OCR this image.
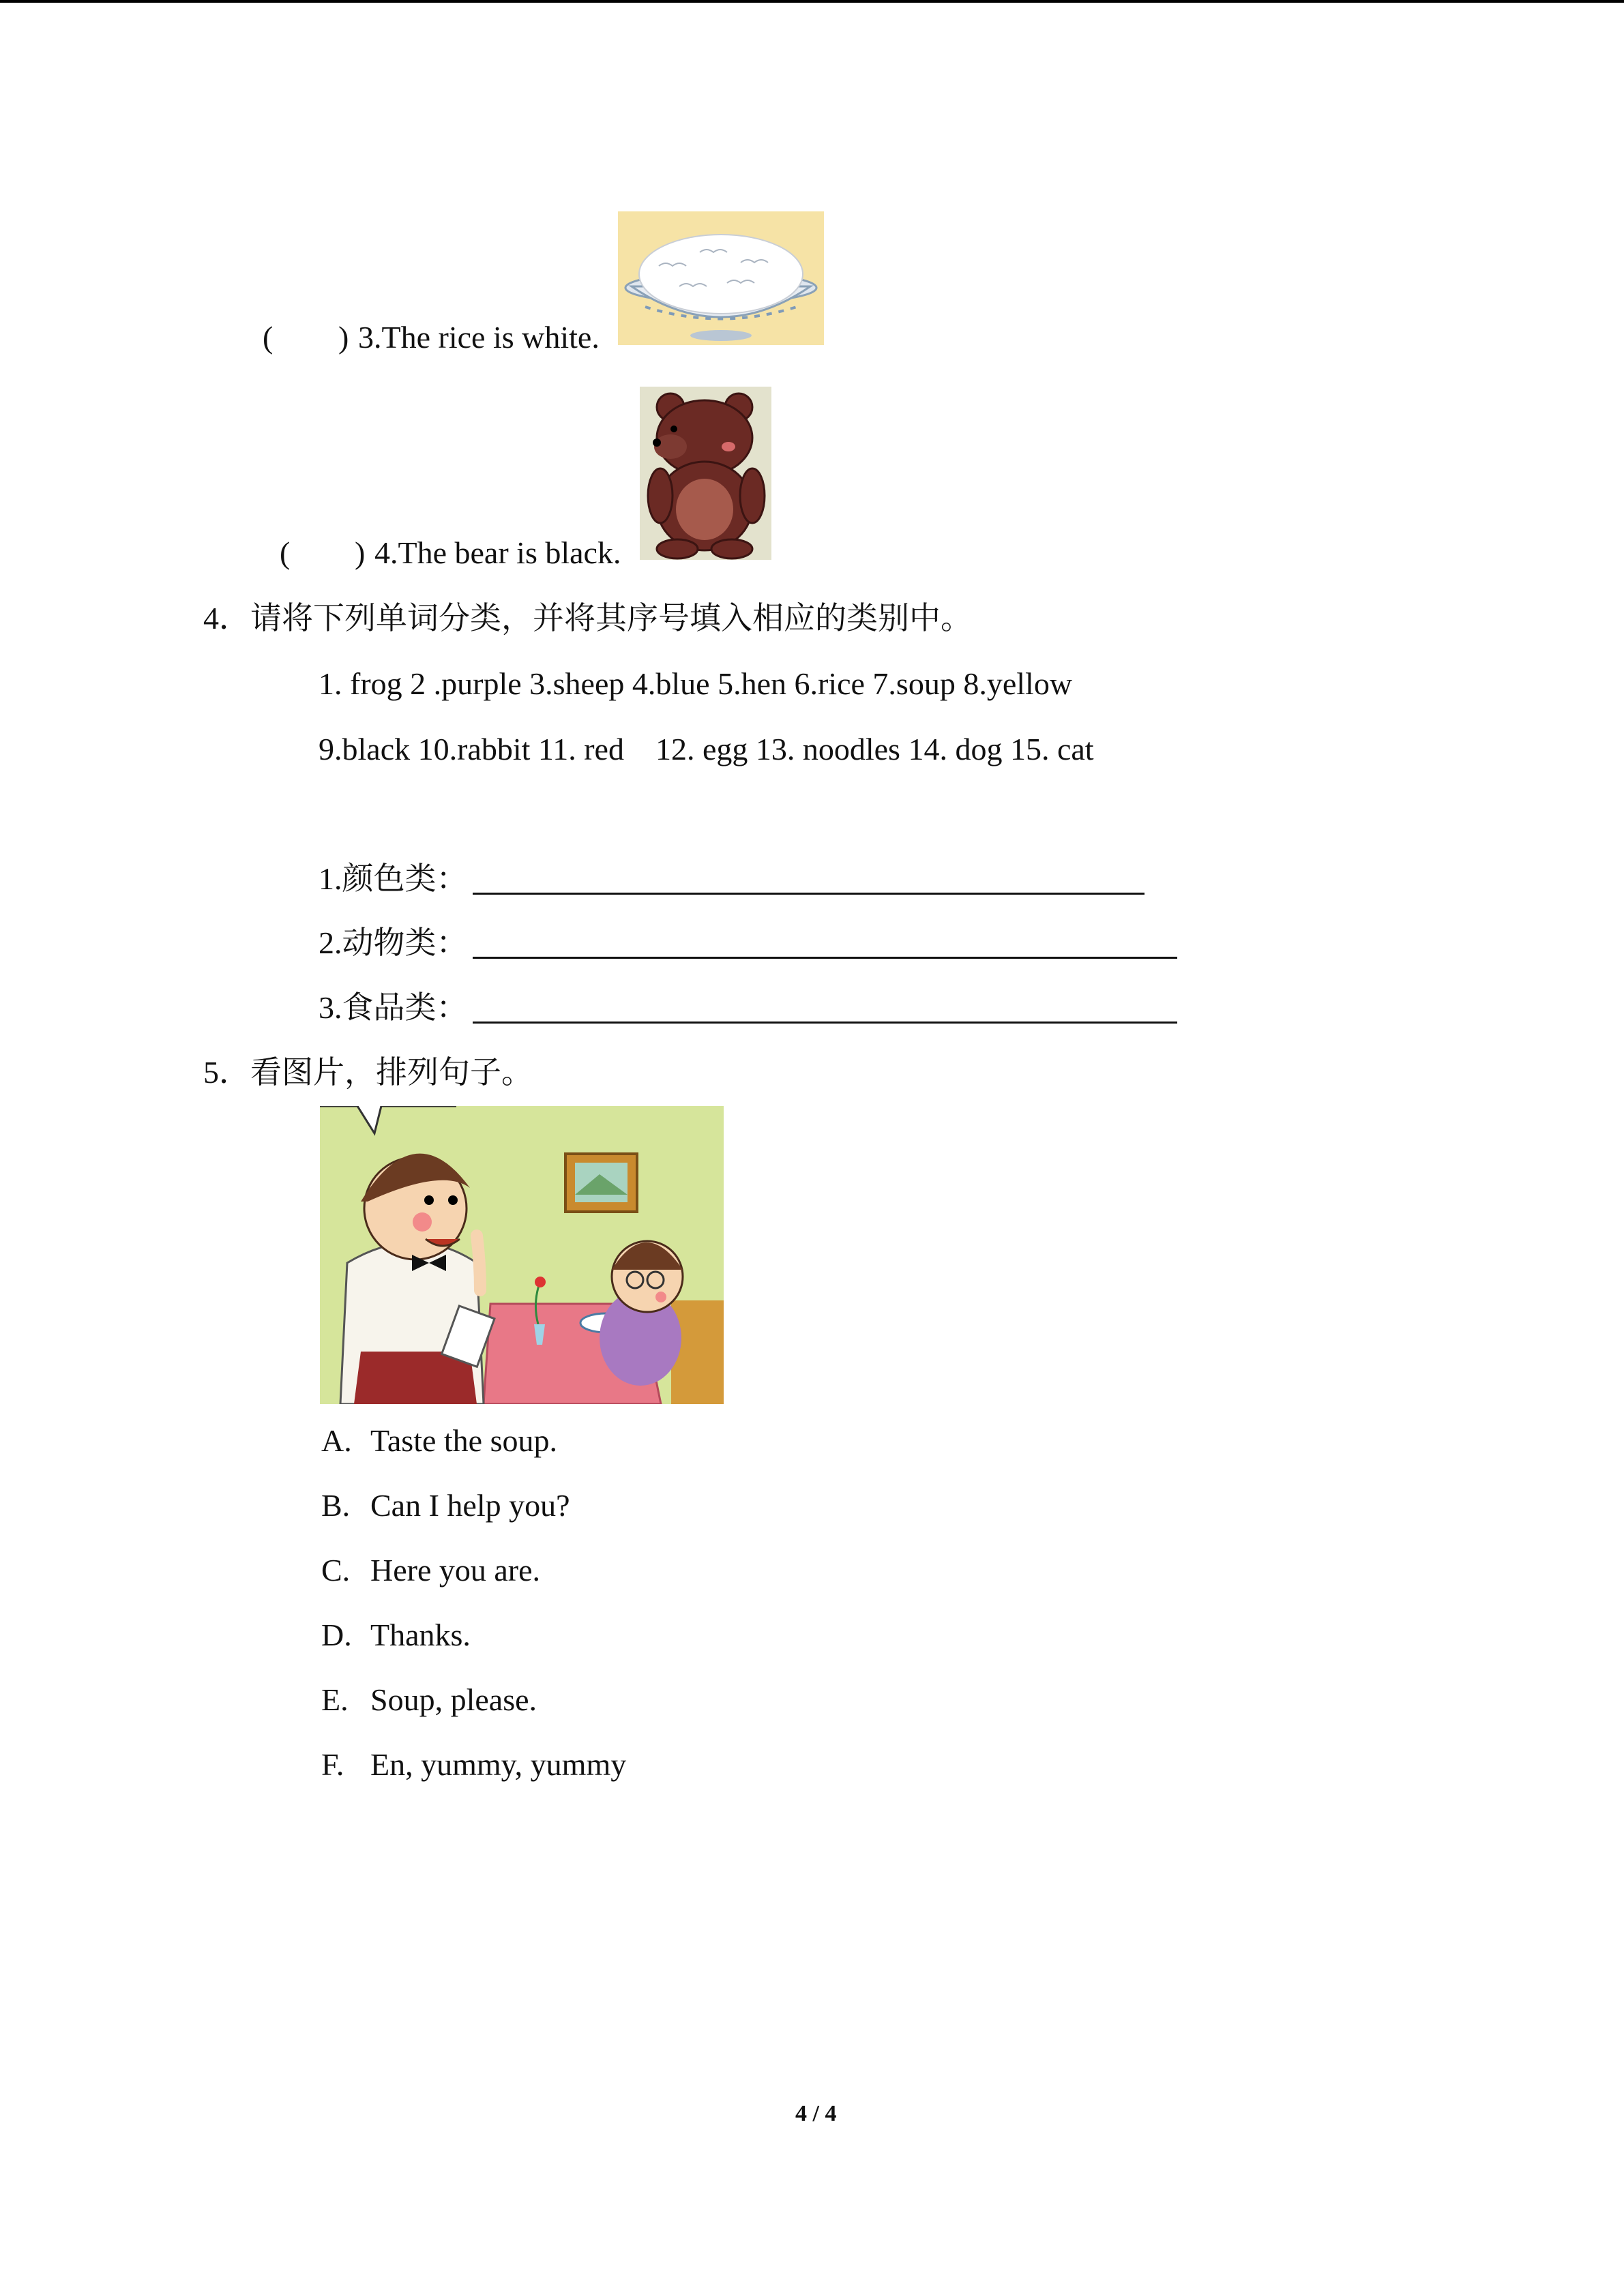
( ) 3.The rice is white.
( ) 4.The bear is black.
4．请将下列单词分类，并将其序号填入相应的类别中。
1. frog 2 .purple 3.sheep 4.blue 5.hen 6.rice 7.soup 8.yellow
9.black 10.rabbit 11. red    12. egg 13. noodles 14. dog 15. cat
1.颜色类：
2.动物类：
3.食品类：
5．看图片，排列句子。
A. Taste the soup.
B. Can I help you?
C. Here you are.
D. Thanks.
E. Soup, please.
F. En, yummy, yummy
4 / 4
